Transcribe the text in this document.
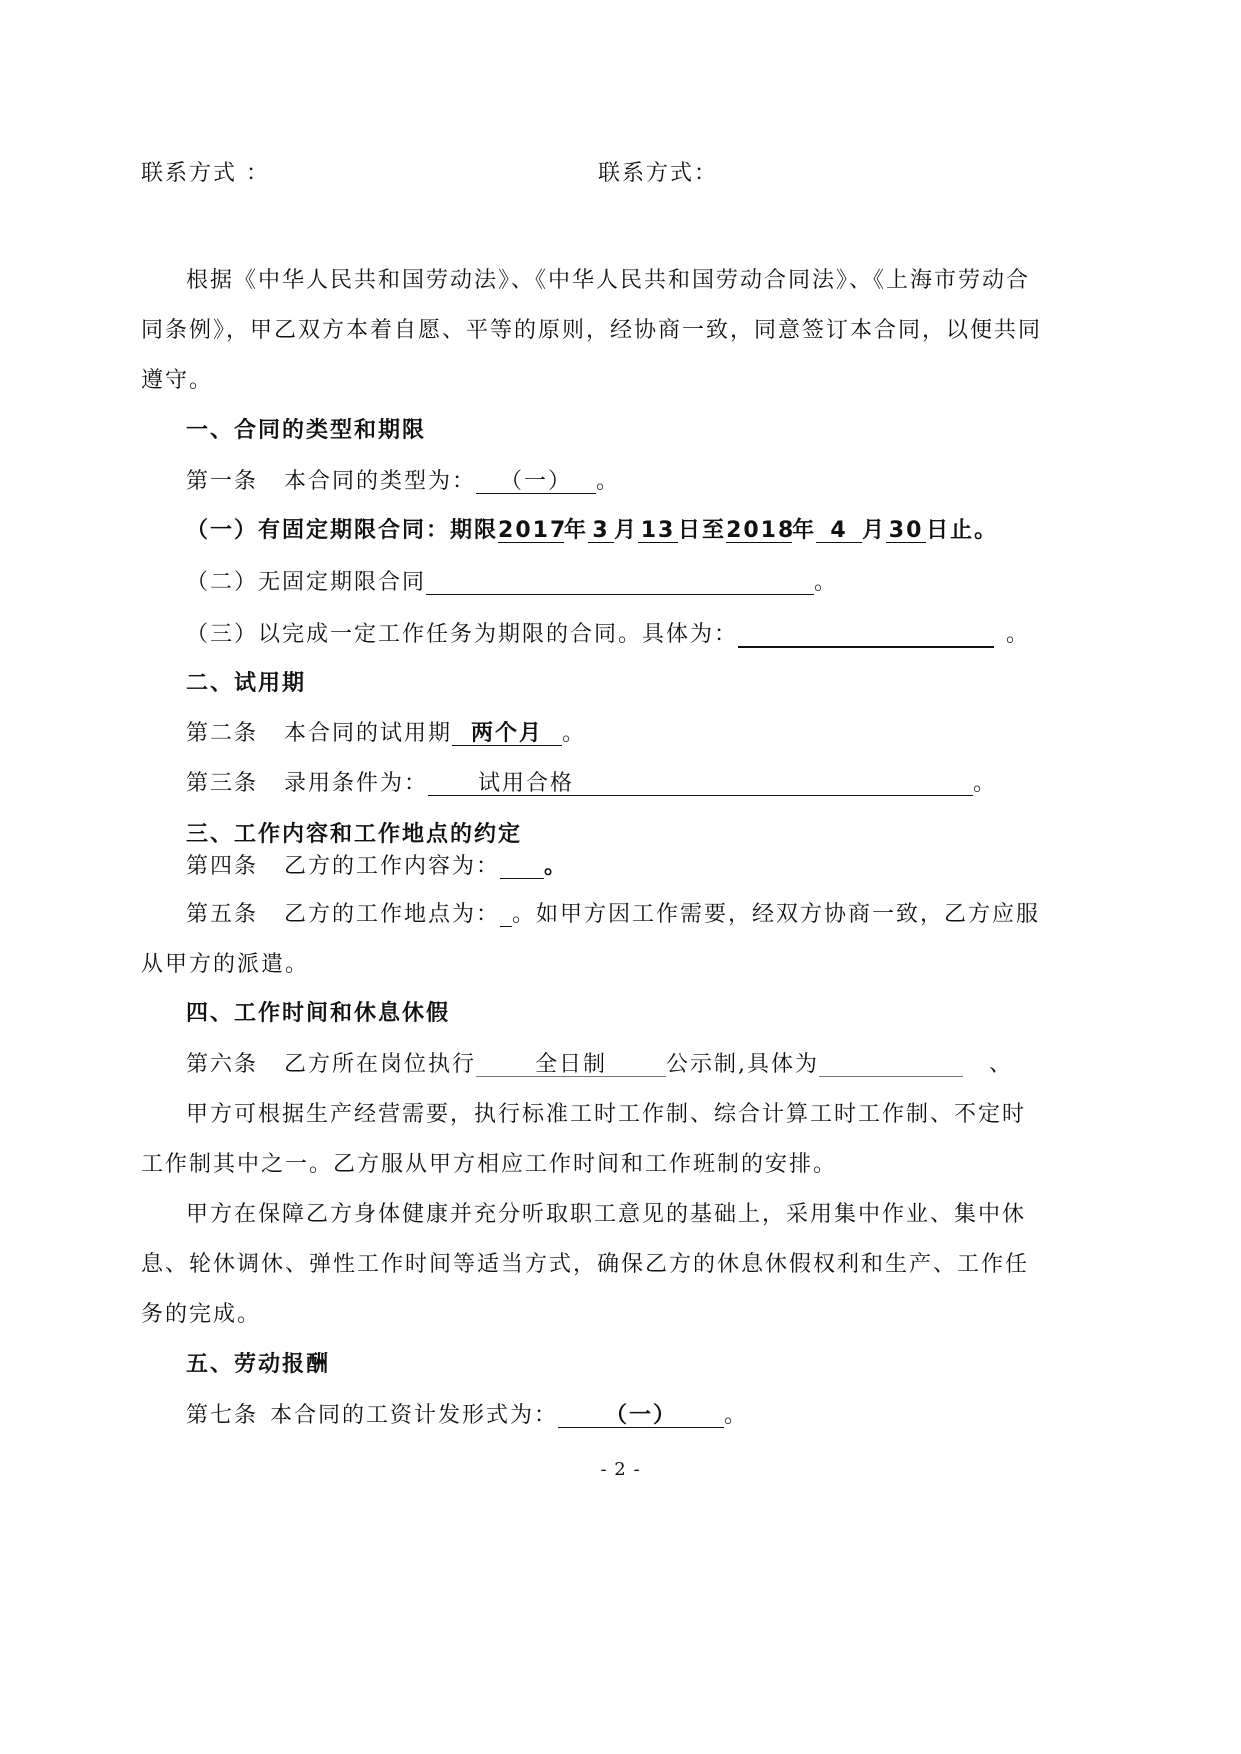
联系方式 ：	联系方式：
根据《中华人民共和国劳动法》、《中华人民共和国劳动合同法》、《上海市劳动合
同条例》，甲乙双方本着自愿、平等的原则，经协商一致，同意签订本合同，以便共同
遵守。
一、合同的类型和期限
第一条 本合同的类型为： （一） 。
（一）有固定期限合同：期限2017年 3 月 13 日至2018年 4 月 30 日止。
（二）无固定期限合同	。
（三）以完成一定工作任务为期限的合同。具体为：	。
二、试用期
第二条 本合同的试用期 两个月 。
第三条 录用条件为： 试用合格	。
三、工作内容和工作地点的约定
第四条 乙方的工作内容为： 。
第五条 乙方的工作地点为： 。如甲方因工作需要，经双方协商一致，乙方应服
从甲方的派遣。
四、工作时间和休息休假
第六条 乙方所在岗位执行	全日制	公示制,具体为	、
甲方可根据生产经营需要，执行标准工时工作制、综合计算工时工作制、不定时
工作制其中之一。乙方服从甲方相应工作时间和工作班制的安排。
甲方在保障乙方身体健康并充分听取职工意见的基础上，采用集中作业、集中休
息、轮休调休、弹性工作时间等适当方式，确保乙方的休息休假权利和生产、工作任
务的完成。
五、劳动报酬
第七条 本合同的工资计发形式为： （一） 。
- 2 -
